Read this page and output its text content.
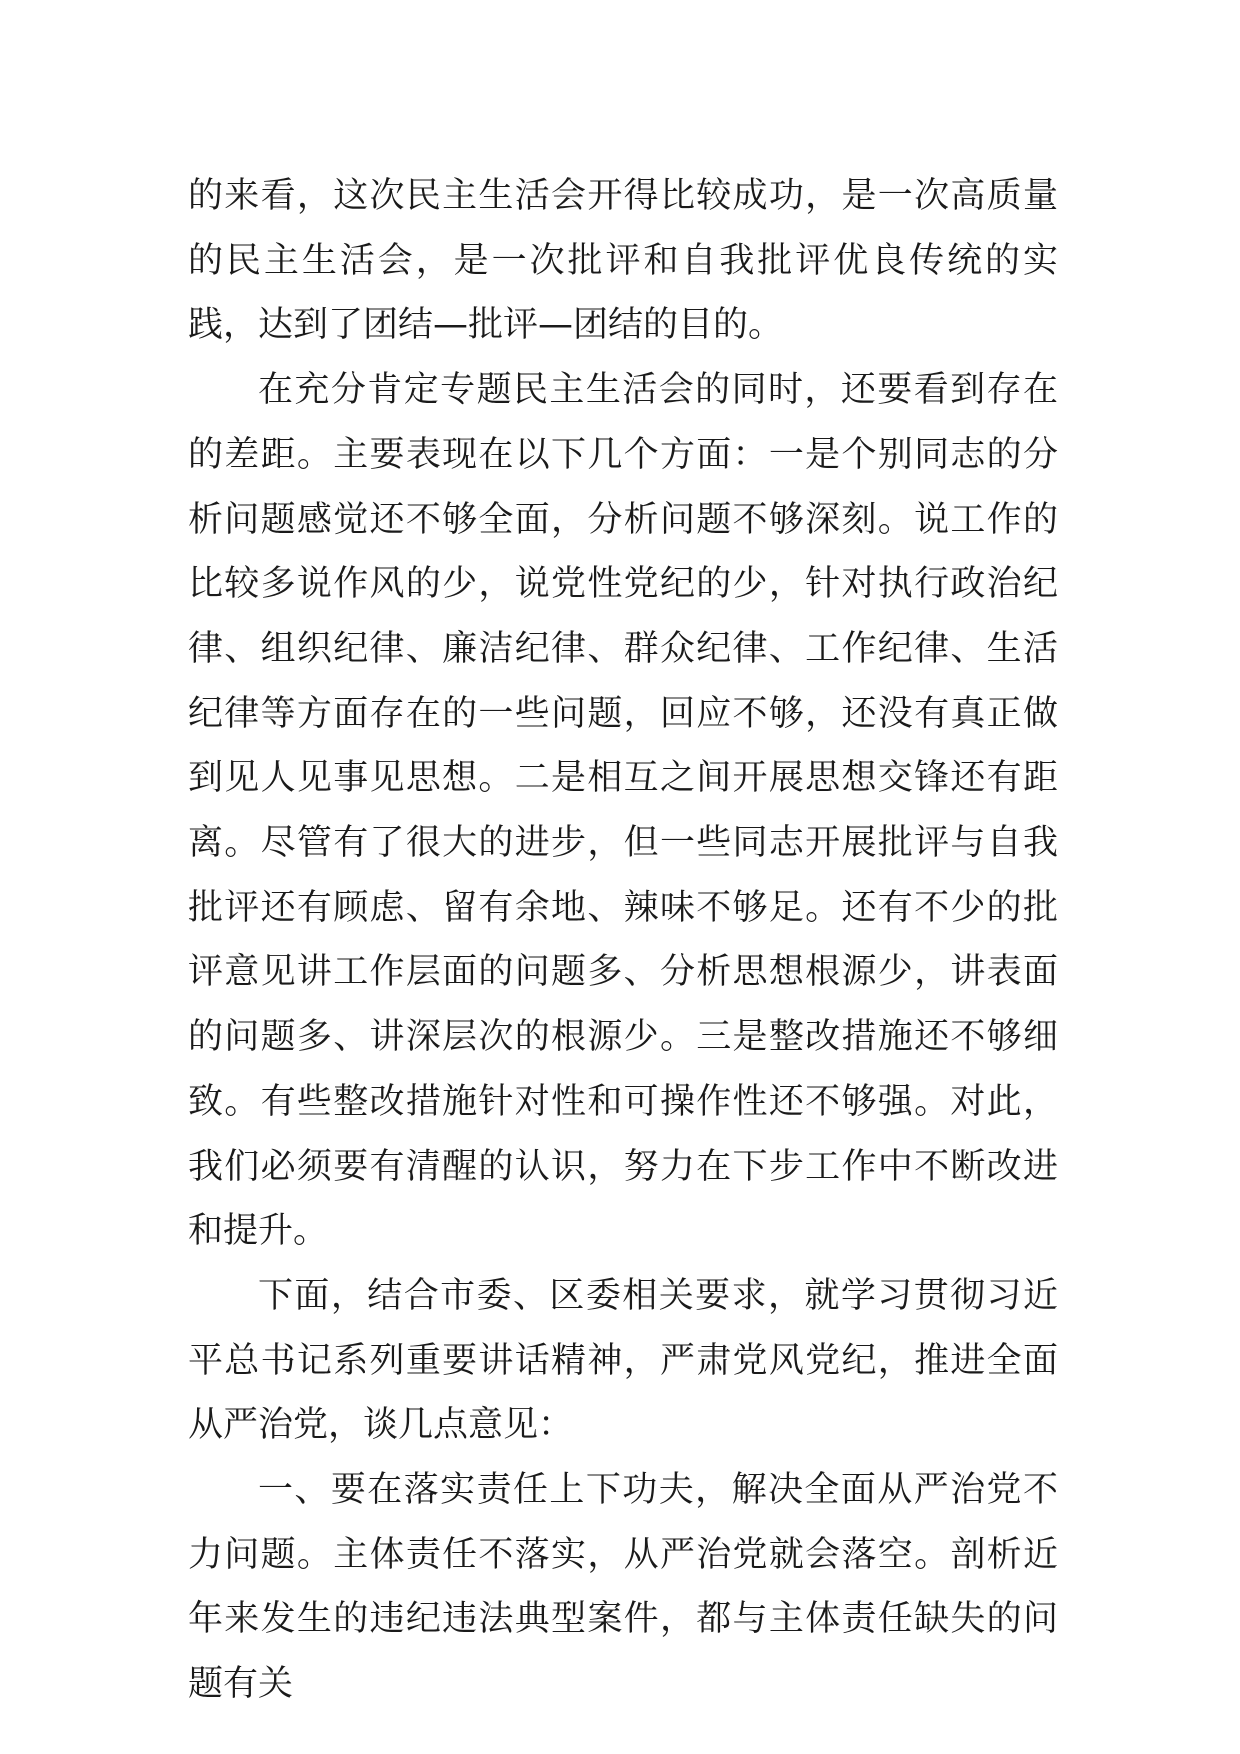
的来看，这次民主生活会开得比较成功，是一次高质量的民主生活会，是一次批评和自我批评优良传统的实践，达到了团结—批评—团结的目的。

在充分肯定专题民主生活会的同时，还要看到存在的差距。主要表现在以下几个方面：一是个别同志的分析问题感觉还不够全面，分析问题不够深刻。说工作的比较多说作风的少，说党性党纪的少，针对执行政治纪律、组织纪律、廉洁纪律、群众纪律、工作纪律、生活纪律等方面存在的一些问题，回应不够，还没有真正做到见人见事见思想。二是相互之间开展思想交锋还有距离。尽管有了很大的进步，但一些同志开展批评与自我批评还有顾虑、留有余地、辣味不够足。还有不少的批评意见讲工作层面的问题多、分析思想根源少，讲表面的问题多、讲深层次的根源少。三是整改措施还不够细致。有些整改措施针对性和可操作性还不够强。对此，我们必须要有清醒的认识，努力在下步工作中不断改进和提升。

下面，结合市委、区委相关要求，就学习贯彻习近平总书记系列重要讲话精神，严肃党风党纪，推进全面从严治党，谈几点意见：

一、要在落实责任上下功夫，解决全面从严治党不力问题。主体责任不落实，从严治党就会落空。剖析近年来发生的违纪违法典型案件，都与主体责任缺失的问题有关
